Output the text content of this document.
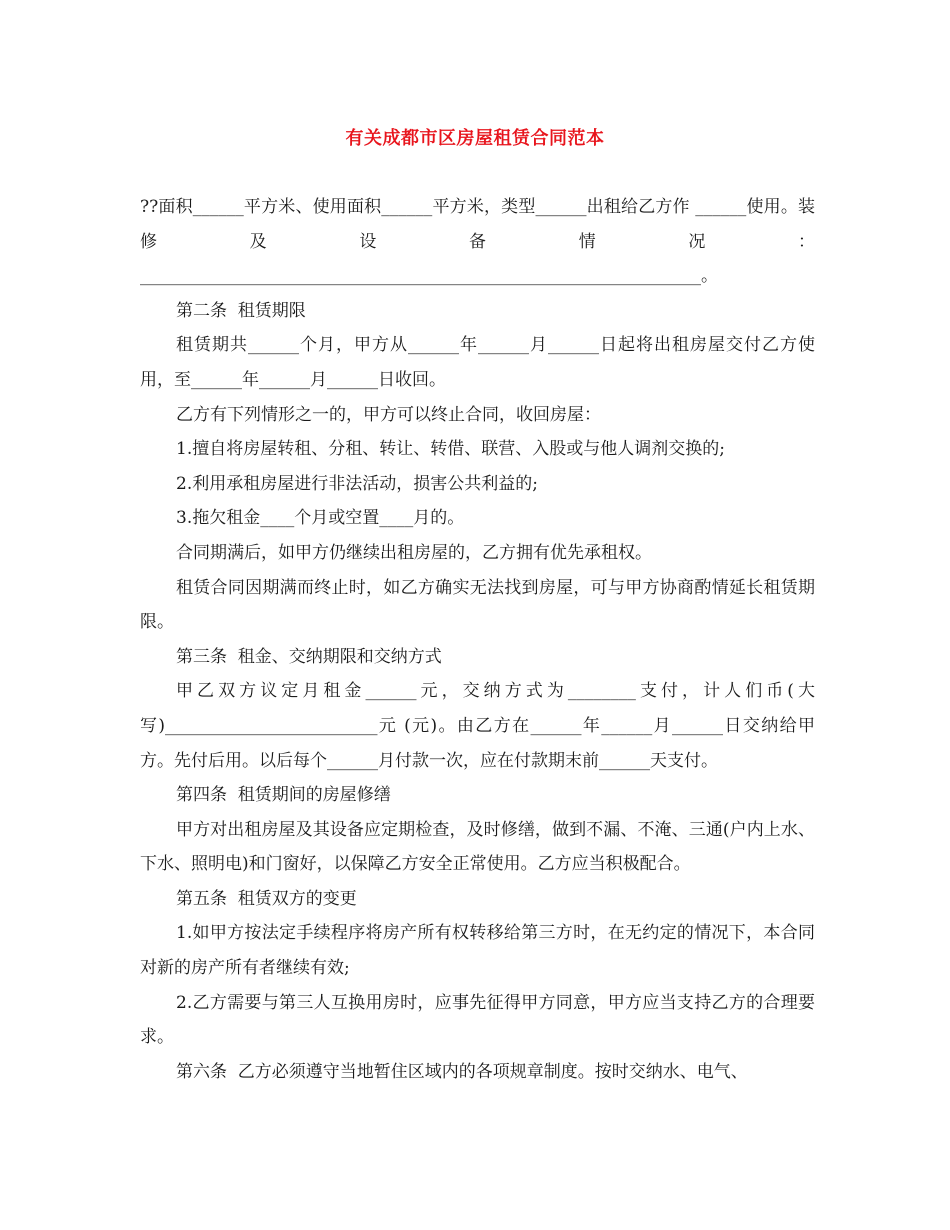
有关成都市区房屋租赁合同范本

??面积______平方米、使用面积______平方米，类型______出租给乙方作 ______使用。装修及设备情况：__________________________________________________________________。

第二条  租赁期限

租赁期共______个月，甲方从______年______月______日起将出租房屋交付乙方使用，至______年______月______日收回。

乙方有下列情形之一的，甲方可以终止合同，收回房屋：

1.擅自将房屋转租、分租、转让、转借、联营、入股或与他人调剂交换的;

2.利用承租房屋进行非法活动，损害公共利益的;

3.拖欠租金____个月或空置____月的。

合同期满后，如甲方仍继续出租房屋的，乙方拥有优先承租权。

租赁合同因期满而终止时，如乙方确实无法找到房屋，可与甲方协商酌情延长租赁期限。

第三条  租金、交纳期限和交纳方式

甲乙双方议定月租金______元，交纳方式为________支付，计人们币(大写)_________________________元 (元)。由乙方在______年______月______日交纳给甲方。先付后用。以后每个______月付款一次，应在付款期末前______天支付。

第四条  租赁期间的房屋修缮

甲方对出租房屋及其设备应定期检查，及时修缮，做到不漏、不淹、三通(户内上水、下水、照明电)和门窗好，以保障乙方安全正常使用。乙方应当积极配合。

第五条  租赁双方的变更

1.如甲方按法定手续程序将房产所有权转移给第三方时，在无约定的情况下，本合同对新的房产所有者继续有效;

2.乙方需要与第三人互换用房时，应事先征得甲方同意，甲方应当支持乙方的合理要求。

第六条  乙方必须遵守当地暂住区域内的各项规章制度。按时交纳水、电气、
